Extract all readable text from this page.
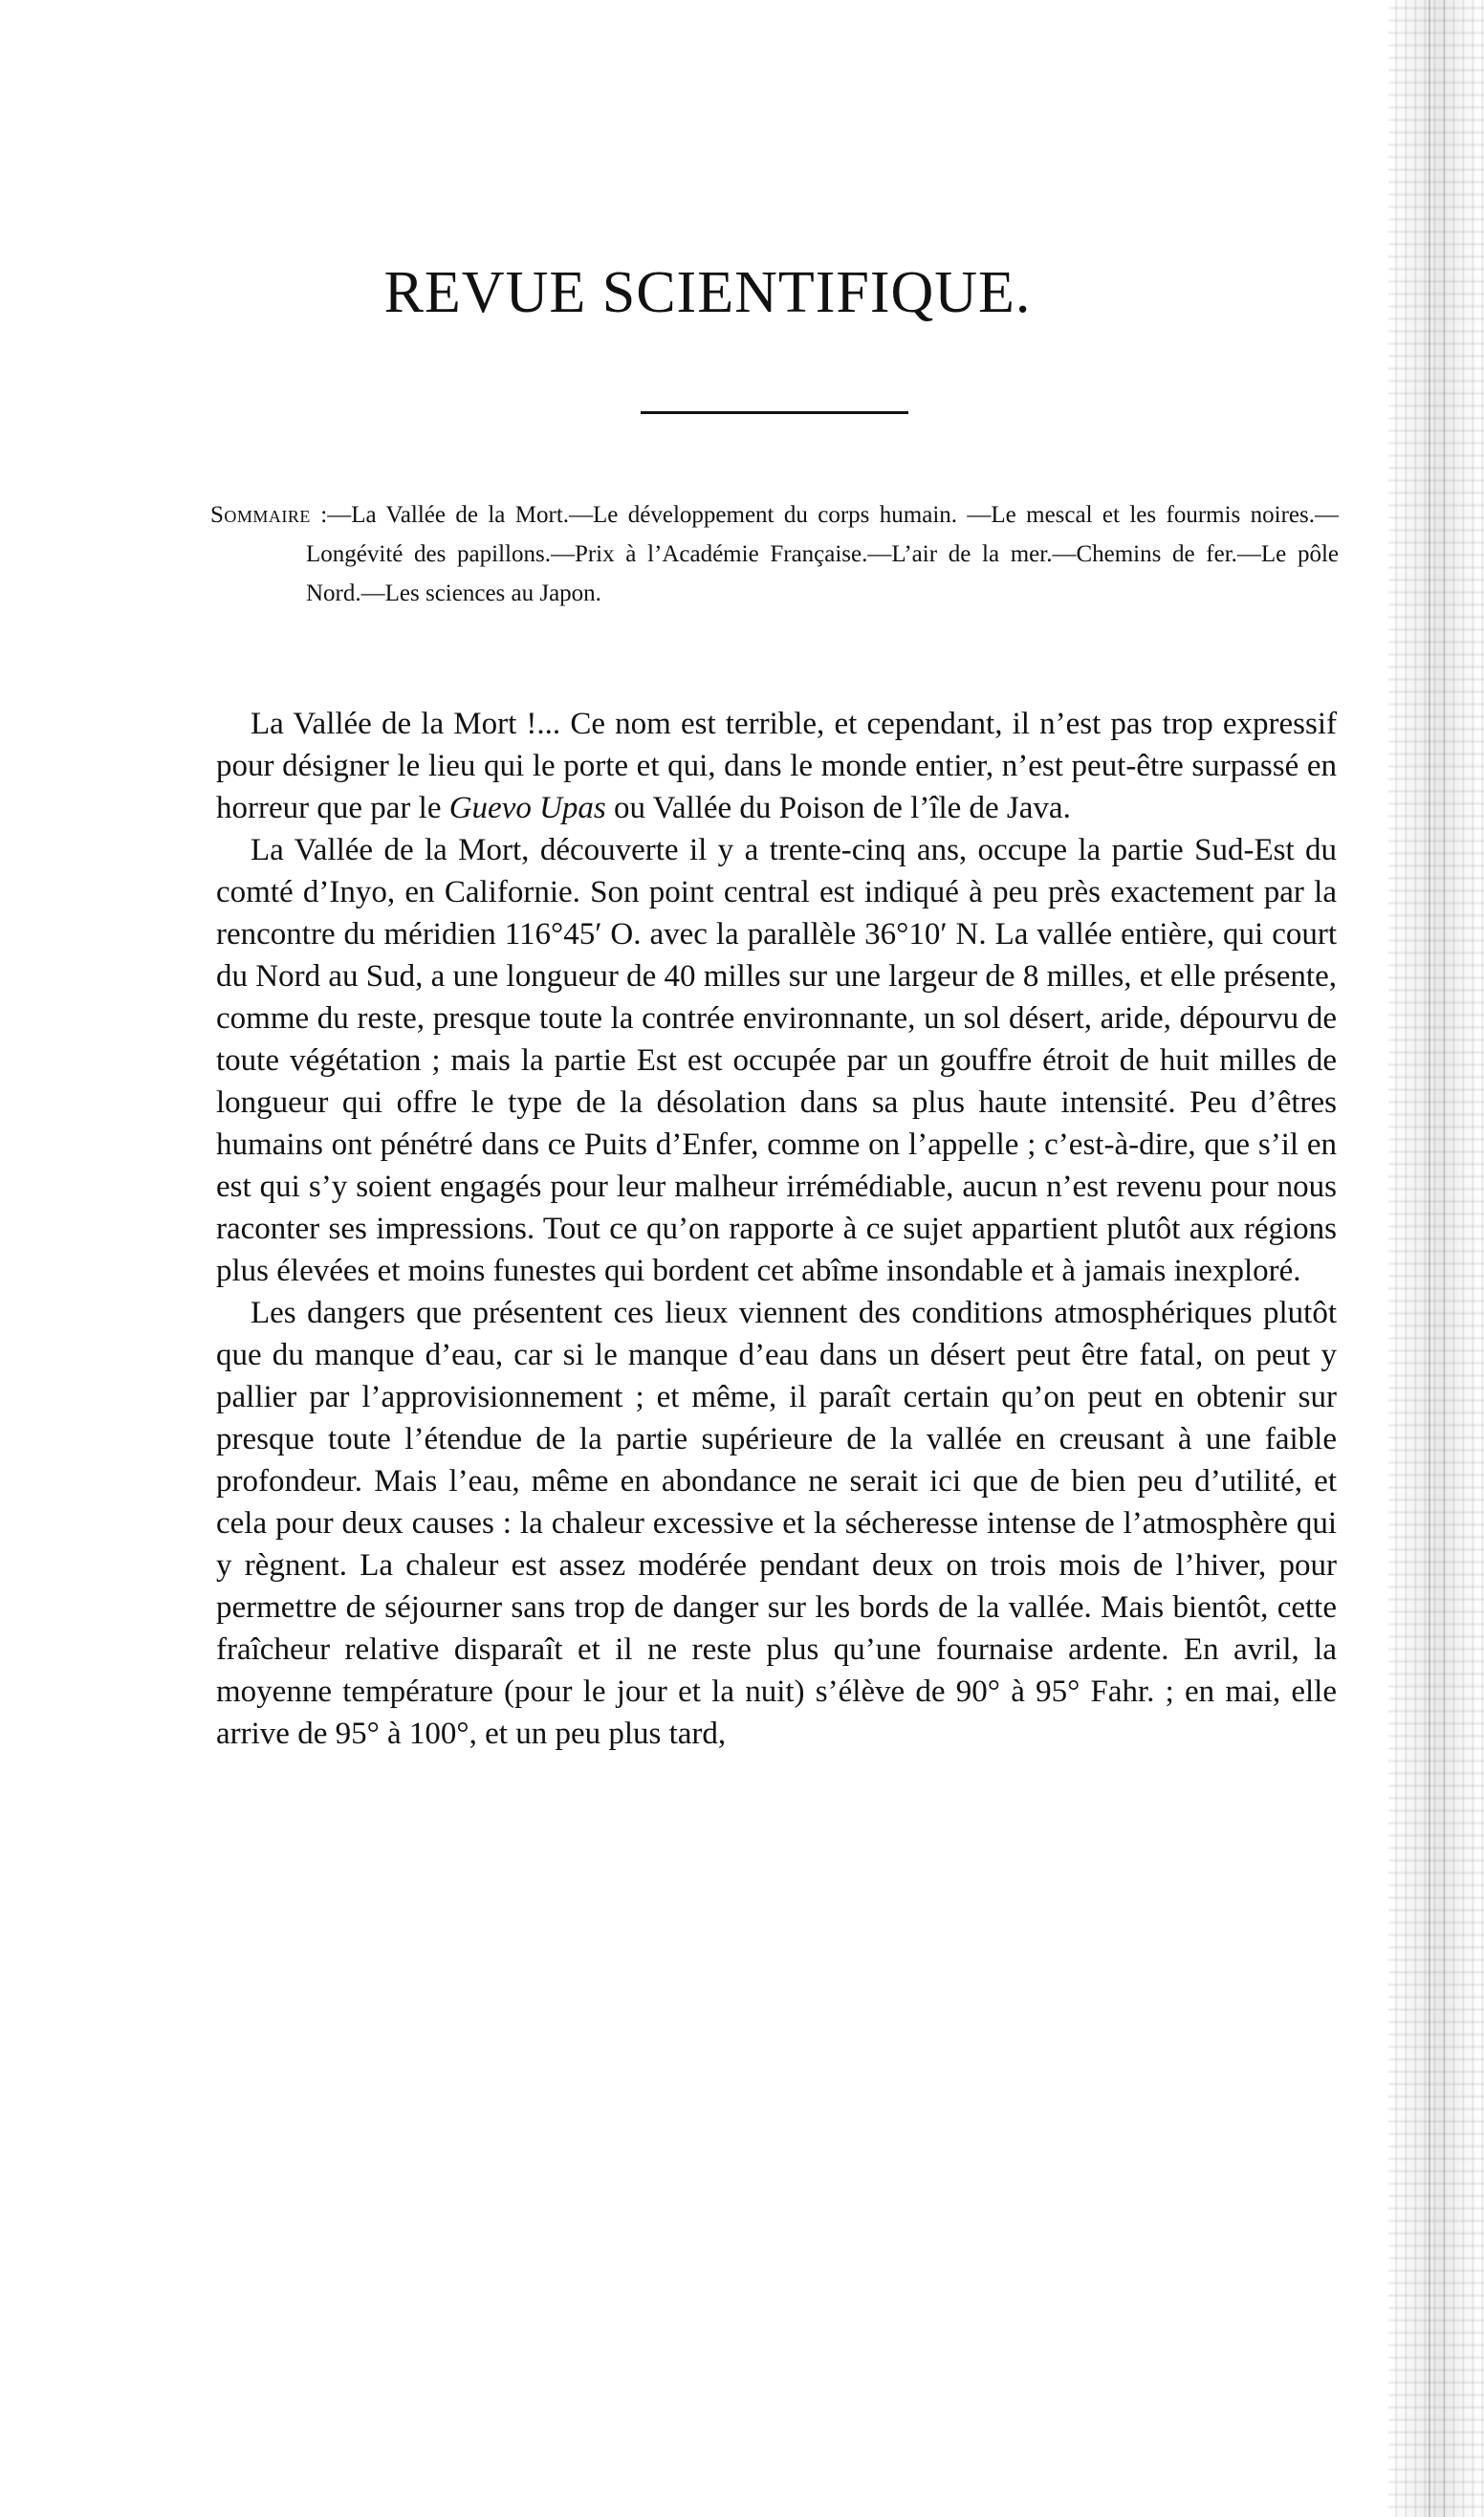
REVUE SCIENTIFIQUE.
Sommaire :—La Vallée de la Mort.—Le développement du corps humain. —Le mescal et les fourmis noires.—Longévité des papillons.—Prix à l’Académie Française.—L’air de la mer.—Chemins de fer.—Le pôle Nord.—Les sciences au Japon.

La Vallée de la Mort !... Ce nom est terrible, et cependant, il n’est pas trop expressif pour désigner le lieu qui le porte et qui, dans le monde entier, n’est peut-être surpassé en horreur que par le Guevo Upas ou Vallée du Poison de l’île de Java.

La Vallée de la Mort, découverte il y a trente-cinq ans, occupe la partie Sud-Est du comté d’Inyo, en Californie. Son point central est indiqué à peu près exactement par la rencontre du méridien 116°45′ O. avec la parallèle 36°10′ N. La vallée entière, qui court du Nord au Sud, a une longueur de 40 milles sur une largeur de 8 milles, et elle présente, comme du reste, presque toute la contrée environnante, un sol désert, aride, dépourvu de toute végétation ; mais la partie Est est occupée par un gouffre étroit de huit milles de longueur qui offre le type de la désolation dans sa plus haute intensité. Peu d’êtres humains ont pénétré dans ce Puits d’Enfer, comme on l’appelle ; c’est-à-dire, que s’il en est qui s’y soient engagés pour leur malheur irrémédiable, aucun n’est revenu pour nous raconter ses impressions. Tout ce qu’on rapporte à ce sujet appartient plutôt aux régions plus élevées et moins funestes qui bordent cet abîme insondable et à jamais inexploré.

Les dangers que présentent ces lieux viennent des conditions atmosphériques plutôt que du manque d’eau, car si le manque d’eau dans un désert peut être fatal, on peut y pallier par l’approvisionnement ; et même, il paraît certain qu’on peut en obtenir sur presque toute l’étendue de la partie supérieure de la vallée en creusant à une faible profondeur. Mais l’eau, même en abondance ne serait ici que de bien peu d’utilité, et cela pour deux causes : la chaleur excessive et la sécheresse intense de l’atmosphère qui y règnent. La chaleur est assez modérée pendant deux on trois mois de l’hiver, pour permettre de séjourner sans trop de danger sur les bords de la vallée. Mais bientôt, cette fraîcheur relative disparaît et il ne reste plus qu’une fournaise ardente. En avril, la moyenne température (pour le jour et la nuit) s’élève de 90° à 95° Fahr. ; en mai, elle arrive de 95° à 100°, et un peu plus tard,
